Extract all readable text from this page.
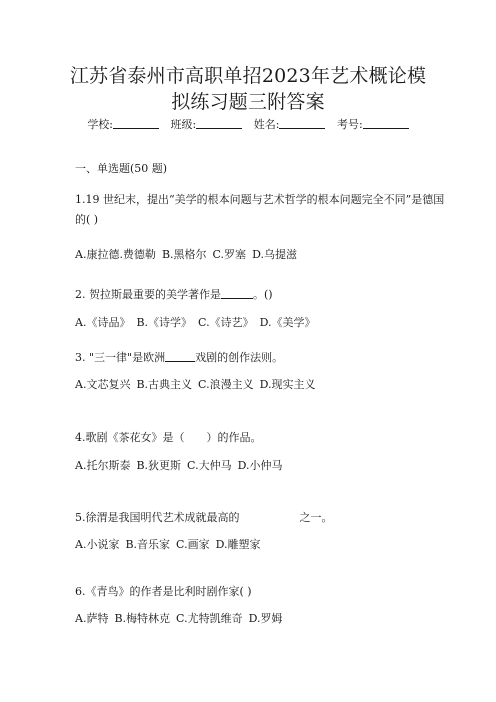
江苏省泰州市高职单招2023年艺术概论模
拟练习题三附答案
学校:	班级:	姓名:	考号:
一、单选题(50 题)
1.19 世纪末，提出“美学的根本问题与艺术哲学的根本问题完全不同”是德国的( )
A.康拉德.费德勒 B.黑格尔 C.罗塞 D.乌提滋
2. 贺拉斯最重要的美学著作是	。()
A.《诗品》 B.《诗学》 C.《诗艺》 D.《美学》
3. "三一律"是欧洲	戏剧的创作法则。
A.文芯复兴 B.古典主义 C.浪漫主义 D.现实主义
4.歌剧《茶花女》是（　　）的作品。
A.托尔斯泰 B.狄更斯 C.大仲马 D.小仲马
5.徐渭是我国明代艺术成就最高的	之一。
A.小说家 B.音乐家 C.画家 D.雕塑家
6.《青鸟》的作者是比利时剧作家( )
A.萨特 B.梅特林克 C.尤特凯维奇 D.罗姆
